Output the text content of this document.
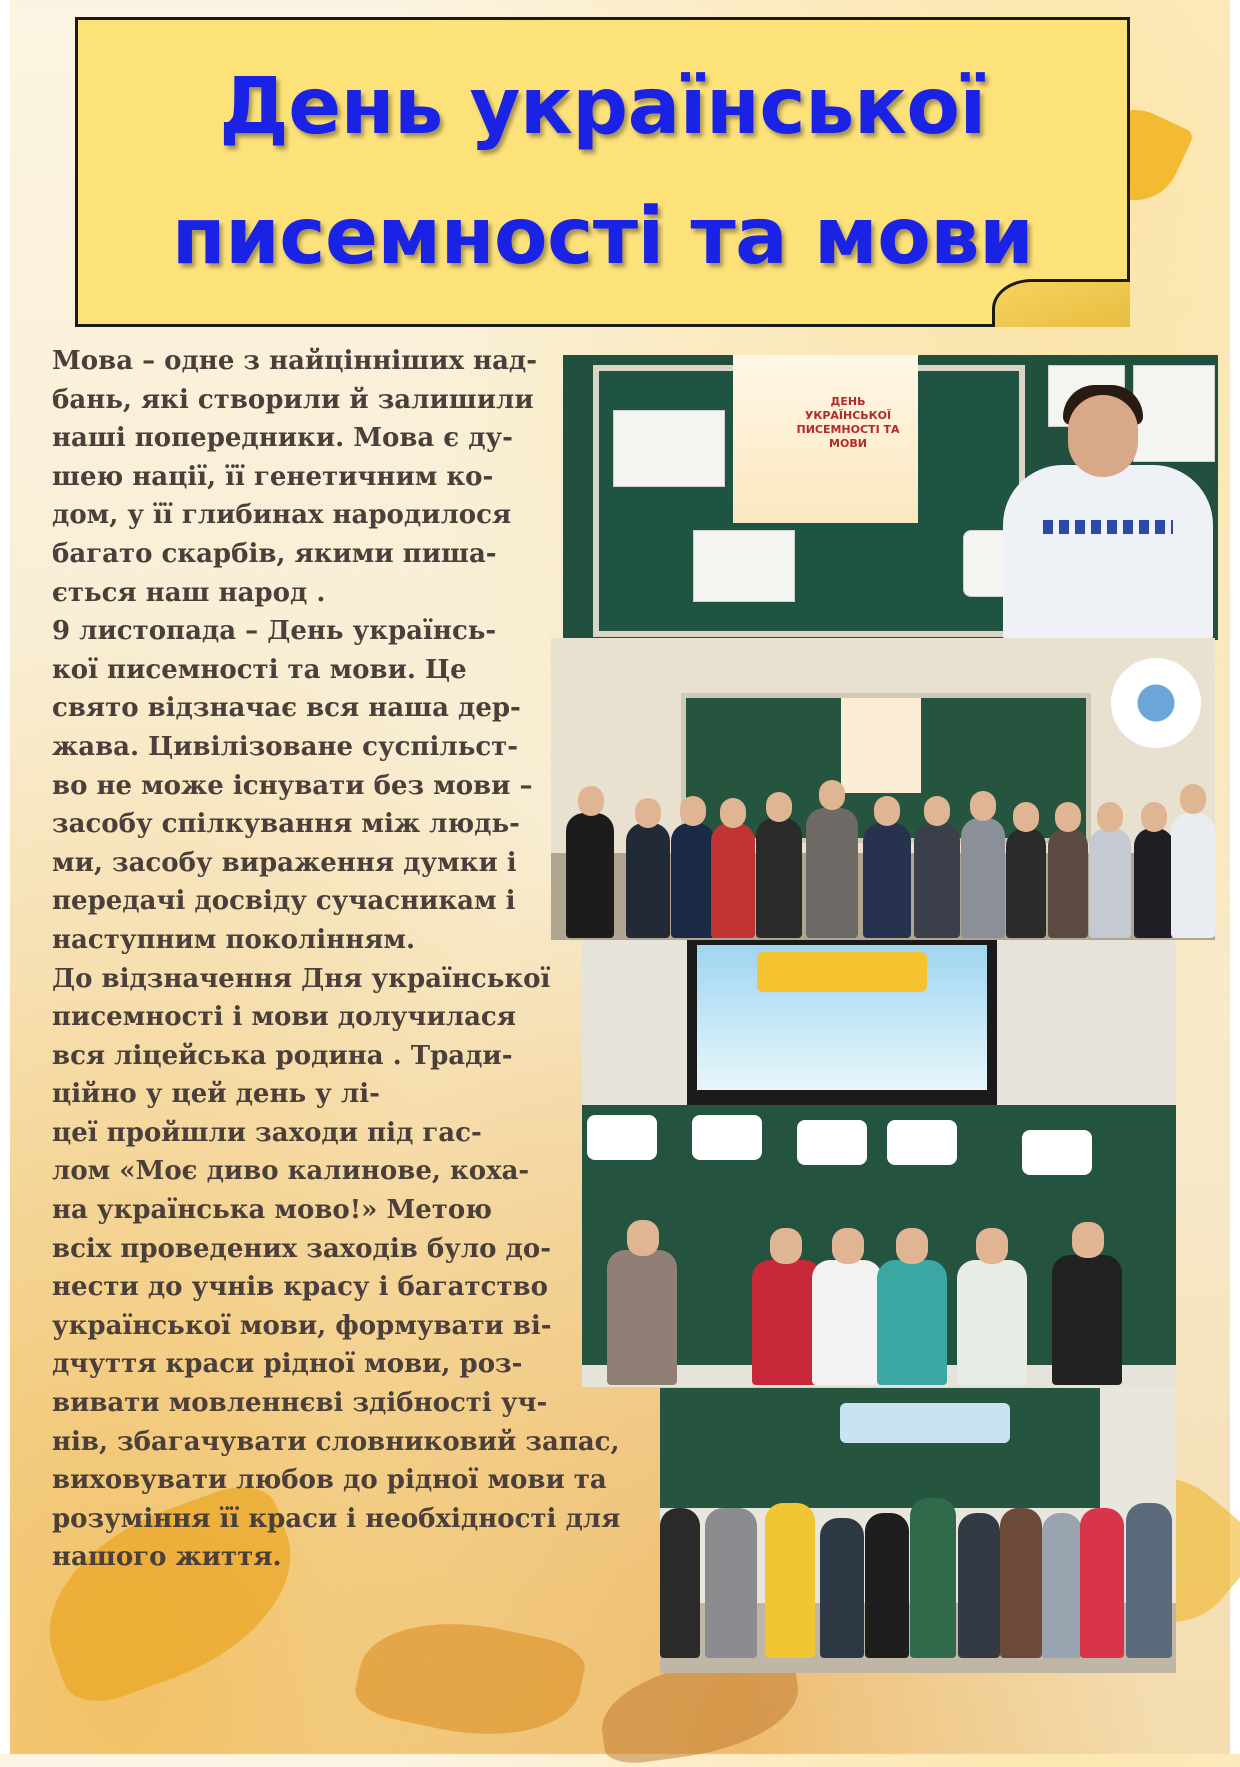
День української
писемності та мови
Мова – одне з найцінніших над-
бань, які створили й залишили
наші попередники. Мова є ду-
шею нації, її генетичним ко-
дом, у її глибинах народилося
багато скарбів, якими пиша-
ється наш народ .
9 листопада – День українсь-
кої писемності та мови. Це
свято відзначає вся наша дер-
жава. Цивілізоване суспільст-
во не може існувати без мови –
засобу спілкування між людь-
ми, засобу вираження думки і
передачі досвіду сучасникам і
наступним поколінням.
До відзначення Дня української
писемності і мови долучилася
вся ліцейська родина . Тради-
ційно у цей день у лі-
цеї пройшли заходи під гас-
лом «Моє диво калинове, коха-
на українська мово!» Метою
всіх проведених заходів було до-
нести до учнів красу і багатство
української мови, формувати ві-
дчуття краси рідної мови, роз-
вивати мовленнєві здібності уч-
нів, збагачувати словниковий запас,
виховувати любов до рідної мови та
розуміння її краси і необхідності для
нашого життя.
ДЕНЬ УКРАЇНСЬКОЇ ПИСЕМНОСТІ ТА МОВИ
